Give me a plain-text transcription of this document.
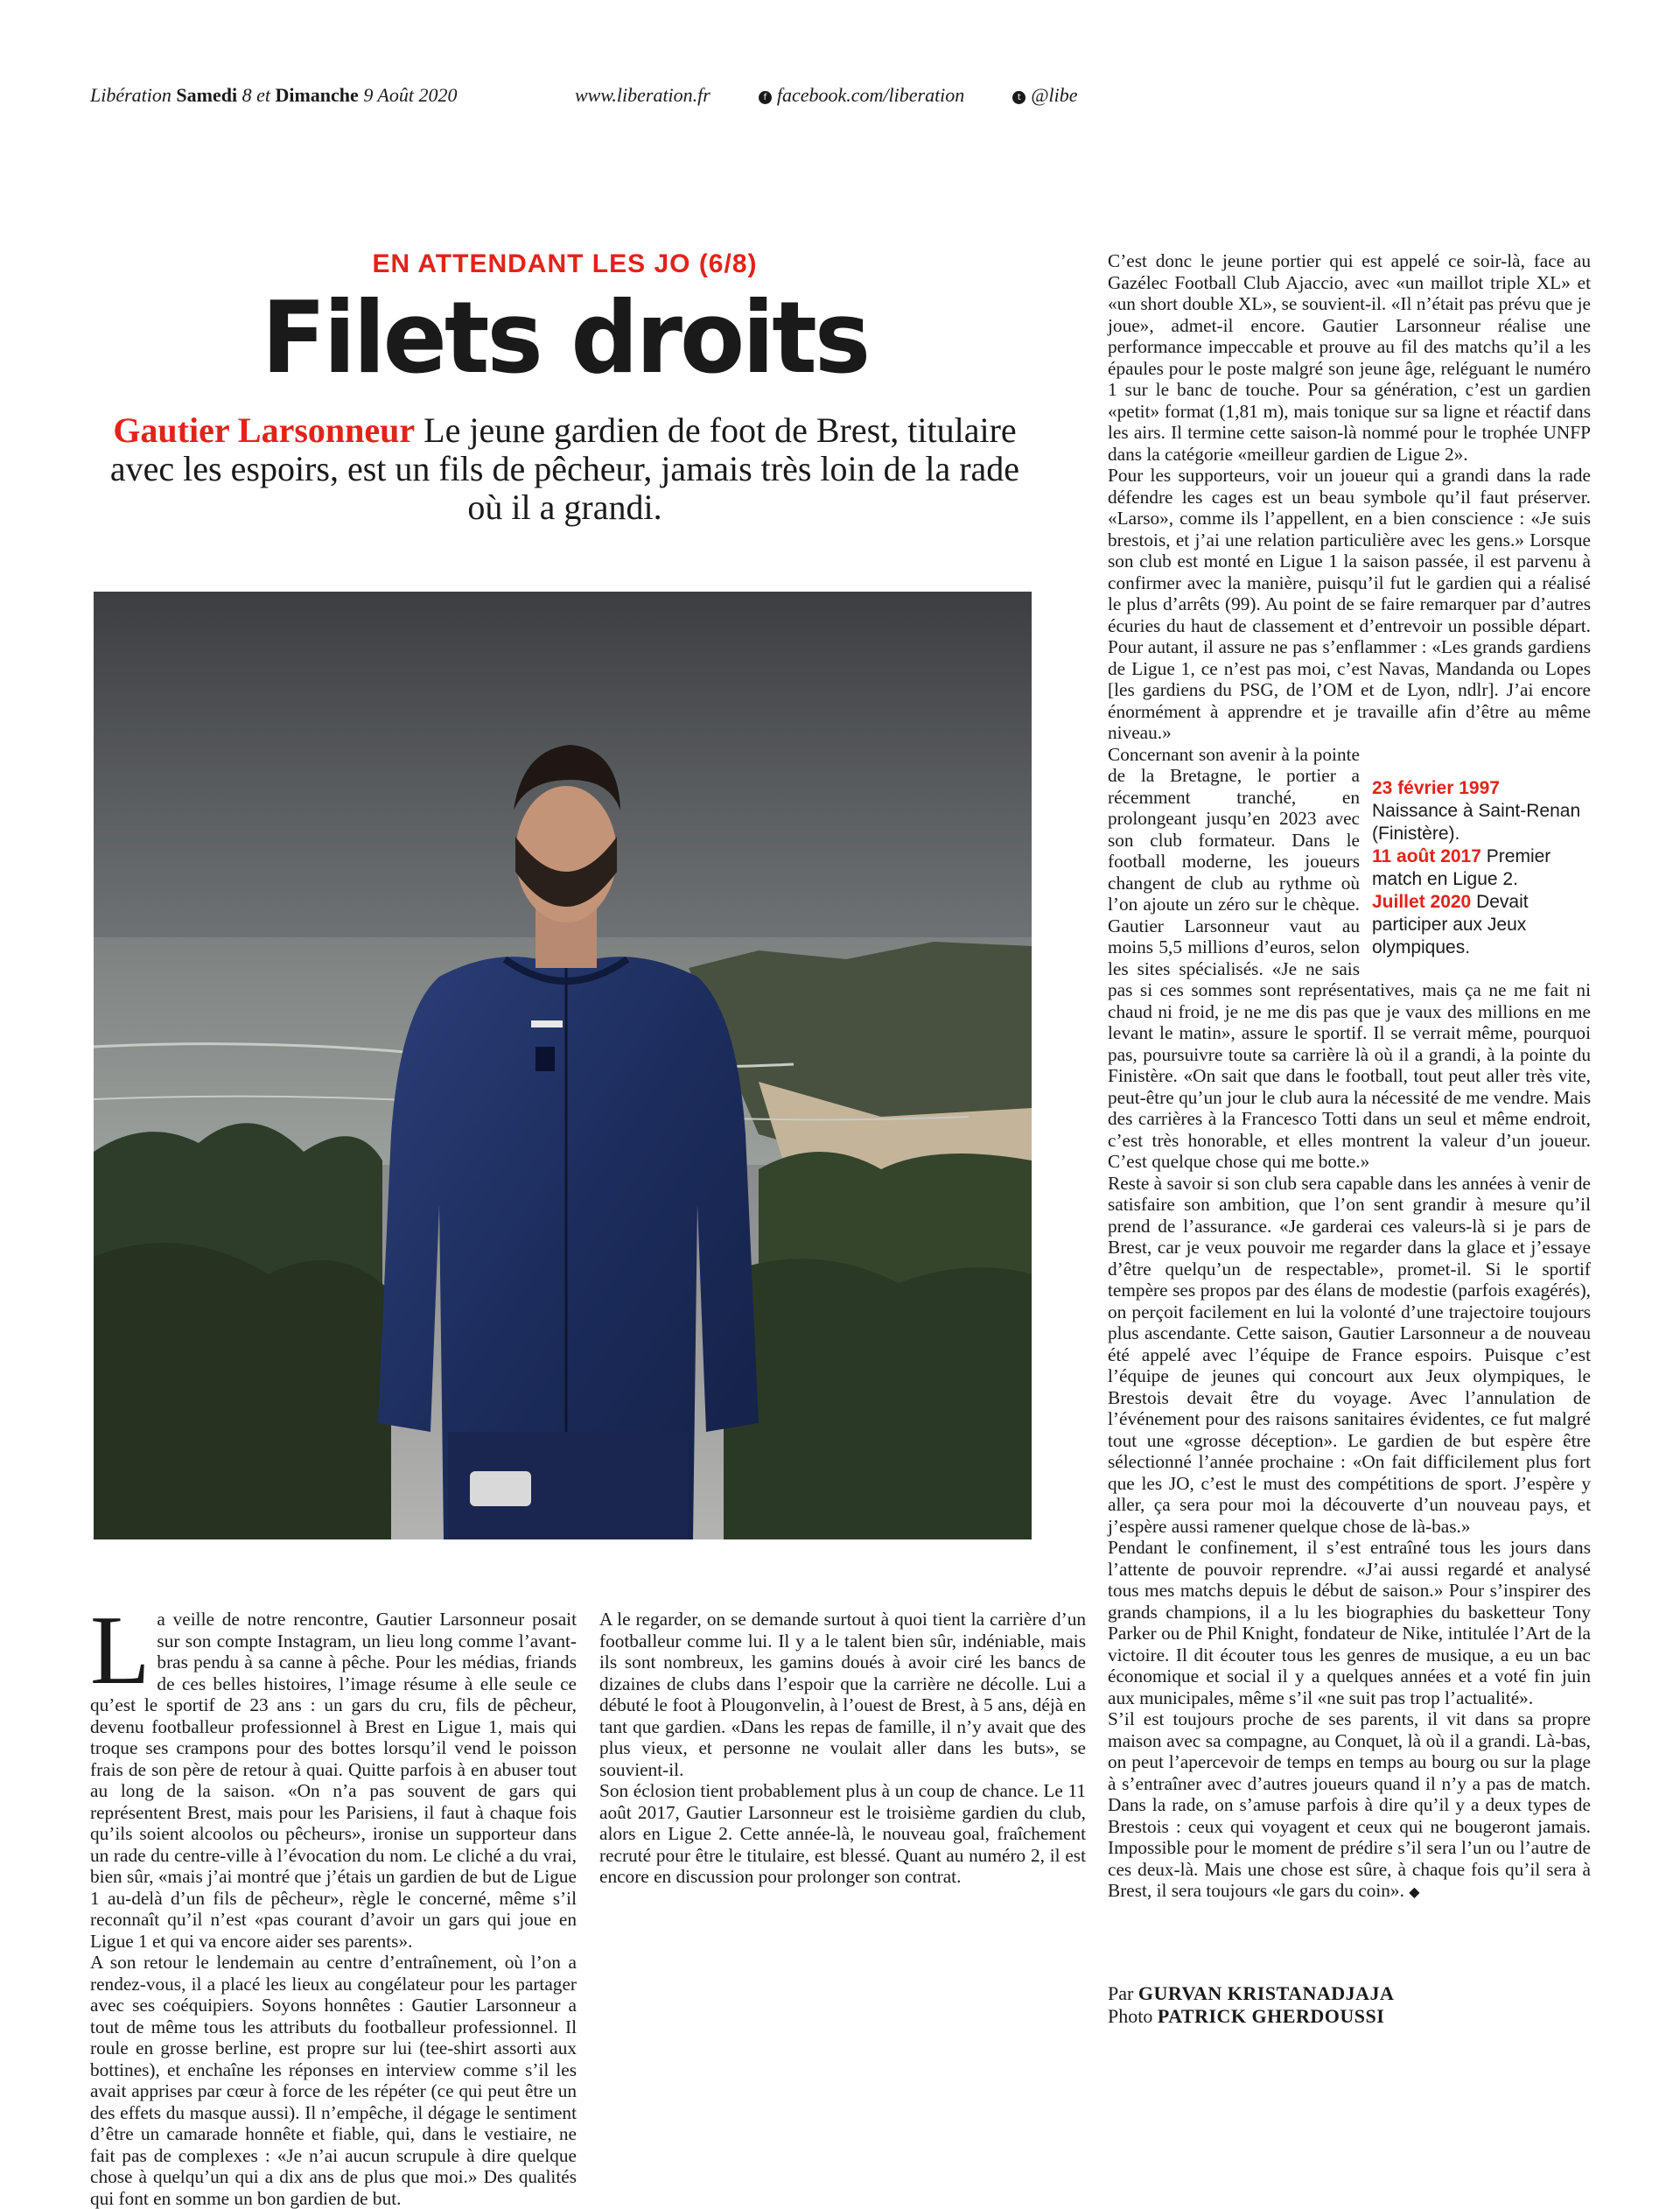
Libération Samedi 8 et Dimanche 9 Août 2020	www.liberation.fr	f facebook.com/liberation	t @libe
EN ATTENDANT LES JO (6/8)
Filets droits
Gautier Larsonneur Le jeune gardien de foot de Brest, titulaire avec les espoirs, est un fils de pêcheur, jamais très loin de la rade où il a grandi.
L a veille de notre rencontre, Gautier Larsonneur posait sur son compte Instagram, un lieu long comme l’avant-bras pendu à sa canne à pêche. Pour les médias, friands de ces belles histoires, l’image résume à elle seule ce qu’est le sportif de 23 ans : un gars du cru, fils de pêcheur, devenu footballeur professionnel à Brest en Ligue 1, mais qui troque ses crampons pour des bottes lorsqu’il vend le poisson frais de son père de retour à quai. Quitte parfois à en abuser tout au long de la saison. «On n’a pas souvent de gars qui représentent Brest, mais pour les Parisiens, il faut à chaque fois qu’ils soient alcoolos ou pêcheurs», ironise un supporteur dans un rade du centre-ville à l’évocation du nom. Le cliché a du vrai, bien sûr, «mais j’ai montré que j’étais un gardien de but de Ligue 1 au-delà d’un fils de pêcheur», règle le concerné, même s’il reconnaît qu’il n’est «pas courant d’avoir un gars qui joue en Ligue 1 et qui va encore aider ses parents».

A son retour le lendemain au centre d’entraînement, où l’on a rendez-vous, il a placé les lieux au congélateur pour les partager avec ses coéquipiers. Soyons honnêtes : Gautier Larsonneur a tout de même tous les attributs du footballeur professionnel. Il roule en grosse berline, est propre sur lui (tee-shirt assorti aux bottines), et enchaîne les réponses en interview comme s’il les avait apprises par cœur à force de les répéter (ce qui peut être un des effets du masque aussi). Il n’empêche, il dégage le sentiment d’être un camarade honnête et fiable, qui, dans le vestiaire, ne fait pas de complexes : «Je n’ai aucun scrupule à dire quelque chose à quelqu’un qui a dix ans de plus que moi.» Des qualités qui font en somme un bon gardien de but.

A le regarder, on se demande surtout à quoi tient la carrière d’un footballeur comme lui. Il y a le talent bien sûr, indéniable, mais ils sont nombreux, les gamins doués à avoir ciré les bancs de dizaines de clubs dans l’espoir que la carrière ne décolle. Lui a débuté le foot à Plougonvelin, à l’ouest de Brest, à 5 ans, déjà en tant que gardien. «Dans les repas de famille, il n’y avait que des plus vieux, et personne ne voulait aller dans les buts», se souvient-il.

Son éclosion tient probablement plus à un coup de chance. Le 11 août 2017, Gautier Larsonneur est le troisième gardien du club, alors en Ligue 2. Cette année-là, le nouveau goal, fraîchement recruté pour être le titulaire, est blessé. Quant au numéro 2, il est encore en discussion pour prolonger son contrat.

C’est donc le jeune portier qui est appelé ce soir-là, face au Gazélec Football Club Ajaccio, avec «un maillot triple XL» et «un short double XL», se souvient-il. «Il n’était pas prévu que je joue», admet-il encore. Gautier Larsonneur réalise une performance impeccable et prouve au fil des matchs qu’il a les épaules pour le poste malgré son jeune âge, reléguant le numéro 1 sur le banc de touche. Pour sa génération, c’est un gardien «petit» format (1,81 m), mais tonique sur sa ligne et réactif dans les airs. Il termine cette saison-là nommé pour le trophée UNFP dans la catégorie «meilleur gardien de Ligue 2».

Pour les supporteurs, voir un joueur qui a grandi dans la rade défendre les cages est un beau symbole qu’il faut préserver. «Larso», comme ils l’appellent, en a bien conscience : «Je suis brestois, et j’ai une relation particulière avec les gens.» Lorsque son club est monté en Ligue 1 la saison passée, il est parvenu à confirmer avec la manière, puisqu’il fut le gardien qui a réalisé le plus d’arrêts (99). Au point de se faire remarquer par d’autres écuries du haut de classement et d’entrevoir un possible départ. Pour autant, il assure ne pas s’enflammer : «Les grands gardiens de Ligue 1, ce n’est pas moi, c’est Navas, Mandanda ou Lopes [les gardiens du PSG, de l’OM et de Lyon, ndlr]. J’ai encore énormément à apprendre et je travaille afin d’être au même niveau.»

23 février 1997
Naissance à Saint-Renan (Finistère).
11 août 2017 Premier match en Ligue 2.
Juillet 2020 Devait participer aux Jeux olympiques.

Concernant son avenir à la pointe de la Bretagne, le portier a récemment tranché, en prolongeant jusqu’en 2023 avec son club formateur. Dans le football moderne, les joueurs changent de club au rythme où l’on ajoute un zéro sur le chèque. Gautier Larsonneur vaut au moins 5,5 millions d’euros, selon les sites spécialisés. «Je ne sais pas si ces sommes sont représentatives, mais ça ne me fait ni chaud ni froid, je ne me dis pas que je vaux des millions en me levant le matin», assure le sportif. Il se verrait même, pourquoi pas, poursuivre toute sa carrière là où il a grandi, à la pointe du Finistère. «On sait que dans le football, tout peut aller très vite, peut-être qu’un jour le club aura la nécessité de me vendre. Mais des carrières à la Francesco Totti dans un seul et même endroit, c’est très honorable, et elles montrent la valeur d’un joueur. C’est quelque chose qui me botte.»

Reste à savoir si son club sera capable dans les années à venir de satisfaire son ambition, que l’on sent grandir à mesure qu’il prend de l’assurance. «Je garderai ces valeurs-là si je pars de Brest, car je veux pouvoir me regarder dans la glace et j’essaye d’être quelqu’un de respectable», promet-il. Si le sportif tempère ses propos par des élans de modestie (parfois exagérés), on perçoit facilement en lui la volonté d’une trajectoire toujours plus ascendante. Cette saison, Gautier Larsonneur a de nouveau été appelé avec l’équipe de France espoirs. Puisque c’est l’équipe de jeunes qui concourt aux Jeux olympiques, le Brestois devait être du voyage. Avec l’annulation de l’événement pour des raisons sanitaires évidentes, ce fut malgré tout une «grosse déception». Le gardien de but espère être sélectionné l’année prochaine : «On fait difficilement plus fort que les JO, c’est le must des compétitions de sport. J’espère y aller, ça sera pour moi la découverte d’un nouveau pays, et j’espère aussi ramener quelque chose de là-bas.»

Pendant le confinement, il s’est entraîné tous les jours dans l’attente de pouvoir reprendre. «J’ai aussi regardé et analysé tous mes matchs depuis le début de saison.» Pour s’inspirer des grands champions, il a lu les biographies du basketteur Tony Parker ou de Phil Knight, fondateur de Nike, intitulée l’Art de la victoire. Il dit écouter tous les genres de musique, a eu un bac économique et social il y a quelques années et a voté fin juin aux municipales, même s’il «ne suit pas trop l’actualité».

S’il est toujours proche de ses parents, il vit dans sa propre maison avec sa compagne, au Conquet, là où il a grandi. Là-bas, on peut l’apercevoir de temps en temps au bourg ou sur la plage à s’entraîner avec d’autres joueurs quand il n’y a pas de match. Dans la rade, on s’amuse parfois à dire qu’il y a deux types de Brestois : ceux qui voyagent et ceux qui ne bougeront jamais. Impossible pour le moment de prédire s’il sera l’un ou l’autre de ces deux-là. Mais une chose est sûre, à chaque fois qu’il sera à Brest, il sera toujours «le gars du coin». ◆

Par GURVAN KRISTANADJAJA
Photo PATRICK GHERDOUSSI
